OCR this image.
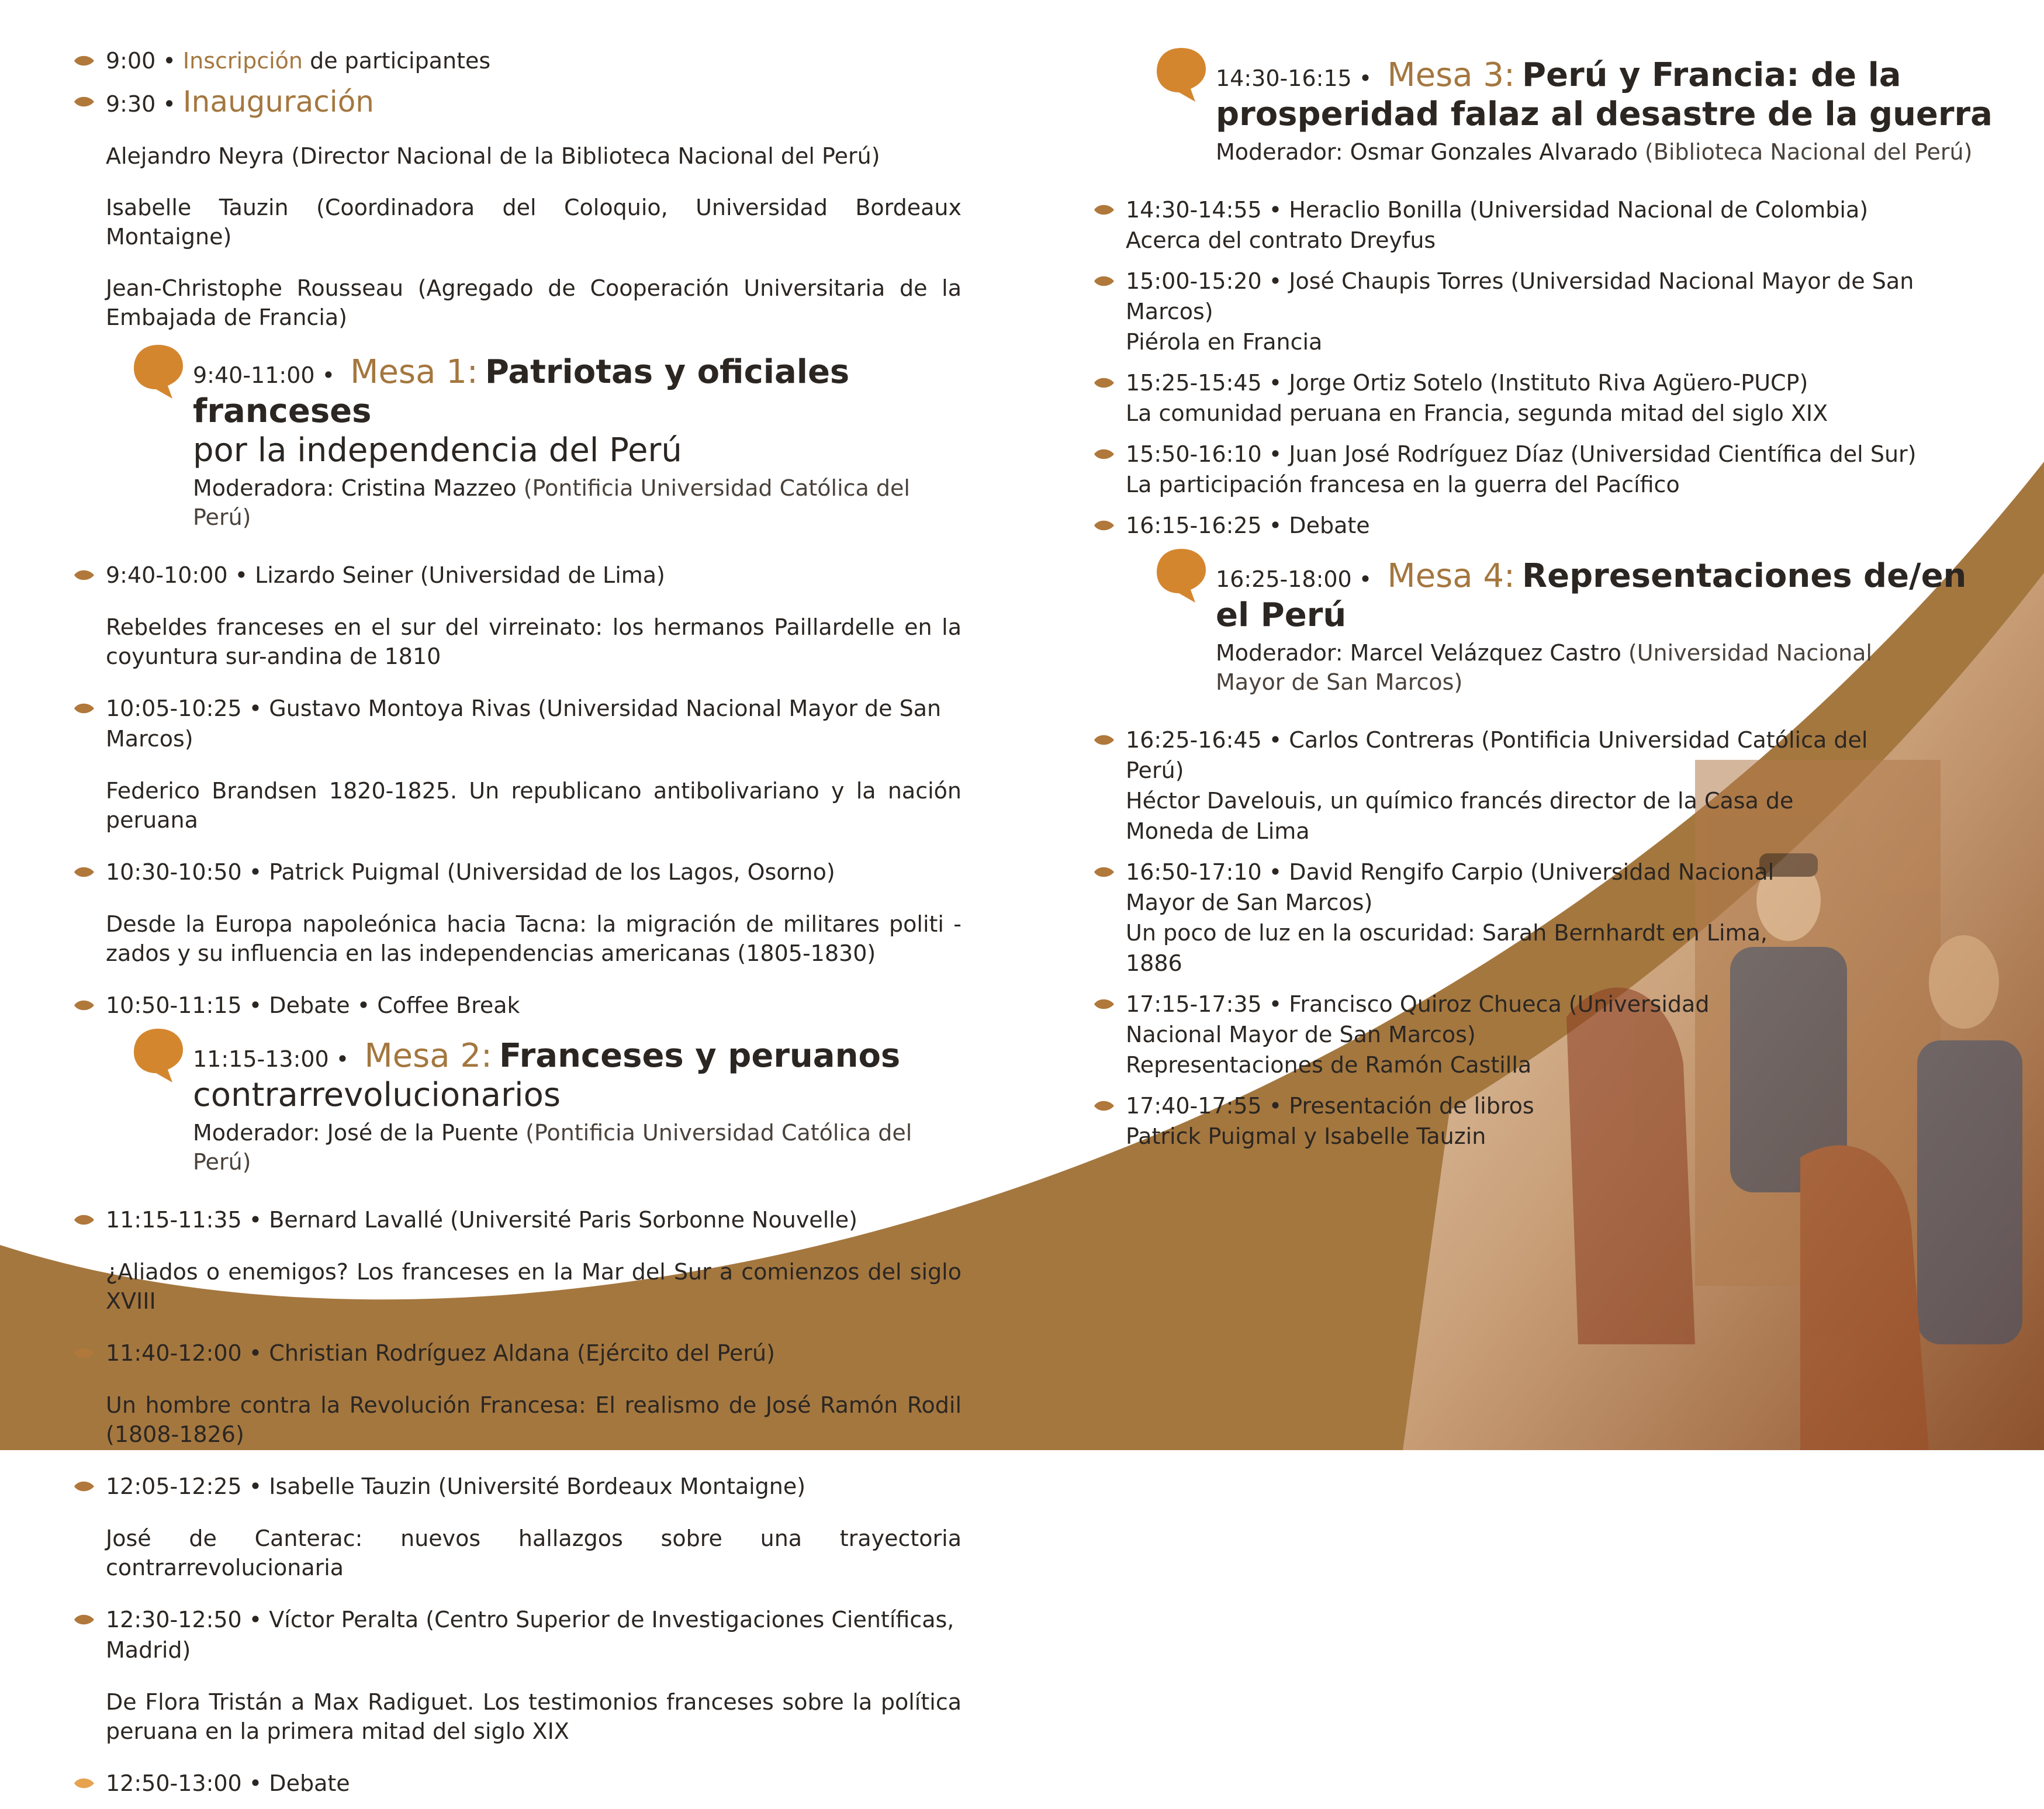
9:00 • Inscripción de participantes

9:30 • Inauguración

Alejandro Neyra (Director Nacional de la Biblioteca Nacional del Perú)

Isabelle Tauzin (Coordinadora del Coloquio, Universidad Bordeaux Montaigne)

Jean-Christophe Rousseau (Agregado de Cooperación Universitaria de la Embajada de Francia)

9:40-11:00 • Mesa 1: Patriotas y oficiales franceses
por la independencia del Perú
Moderadora: Cristina Mazzeo (Pontificia Universidad Católica del Perú)

9:40-10:00 • Lizardo Seiner (Universidad de Lima)

Rebeldes franceses en el sur del virreinato: los hermanos Paillardelle en la coyuntura sur-andina de 1810

10:05-10:25 • Gustavo Montoya Rivas (Universidad Nacional Mayor de San Marcos)

Federico Brandsen 1820-1825. Un republicano antibolivariano y la nación peruana

10:30-10:50 • Patrick Puigmal (Universidad de los Lagos, Osorno)

Desde la Europa napoleónica hacia Tacna: la migración de militares politi - zados y su influencia en las independencias americanas (1805-1830)

10:50-11:15 • Debate • Coffee Break

11:15-13:00 • Mesa 2: Franceses y peruanos
contrarrevolucionarios
Moderador: José de la Puente (Pontificia Universidad Católica del Perú)

11:15-11:35 • Bernard Lavallé (Université Paris Sorbonne Nouvelle)

¿Aliados o enemigos? Los franceses en la Mar del Sur a comienzos del siglo XVIII

11:40-12:00 • Christian Rodríguez Aldana (Ejército del Perú)

Un hombre contra la Revolución Francesa: El realismo de José Ramón Rodil (1808-1826)

12:05-12:25 • Isabelle Tauzin (Université Bordeaux Montaigne)

José de Canterac: nuevos hallazgos sobre una trayectoria contrarrevolucionaria

12:30-12:50 • Víctor Peralta (Centro Superior de Investigaciones Científicas, Madrid)

De Flora Tristán a Max Radiguet. Los testimonios franceses sobre la política peruana en la primera mitad del siglo XIX

12:50-13:00 • Debate

14:30-16:15 • Mesa 3: Perú y Francia: de la
prosperidad falaz al desastre de la guerra
Moderador: Osmar Gonzales Alvarado (Biblioteca Nacional del Perú)

14:30-14:55 • Heraclio Bonilla (Universidad Nacional de Colombia)

Acerca del contrato Dreyfus

15:00-15:20 • José Chaupis Torres (Universidad Nacional Mayor de San Marcos)

Piérola en Francia

15:25-15:45 • Jorge Ortiz Sotelo (Instituto Riva Agüero-PUCP)

La comunidad peruana en Francia, segunda mitad del siglo XIX

15:50-16:10 • Juan José Rodríguez Díaz (Universidad Científica del Sur)

La participación francesa en la guerra del Pacífico

16:15-16:25 • Debate

16:25-18:00 • Mesa 4: Representaciones de/en
el Perú
Moderador: Marcel Velázquez Castro (Universidad Nacional Mayor de San Marcos)

16:25-16:45 • Carlos Contreras (Pontificia Universidad Católica del Perú)

Héctor Davelouis, un químico francés director de la Casa de Moneda de Lima

16:50-17:10 • David Rengifo Carpio (Universidad Nacional Mayor de San Marcos)

Un poco de luz en la oscuridad: Sarah Bernhardt en Lima, 1886

17:15-17:35 • Francisco Quiroz Chueca (Universidad Nacional Mayor de San Marcos)

Representaciones de Ramón Castilla

17:40-17:55 • Presentación de libros

Patrick Puigmal y Isabelle Tauzin

Clausura
